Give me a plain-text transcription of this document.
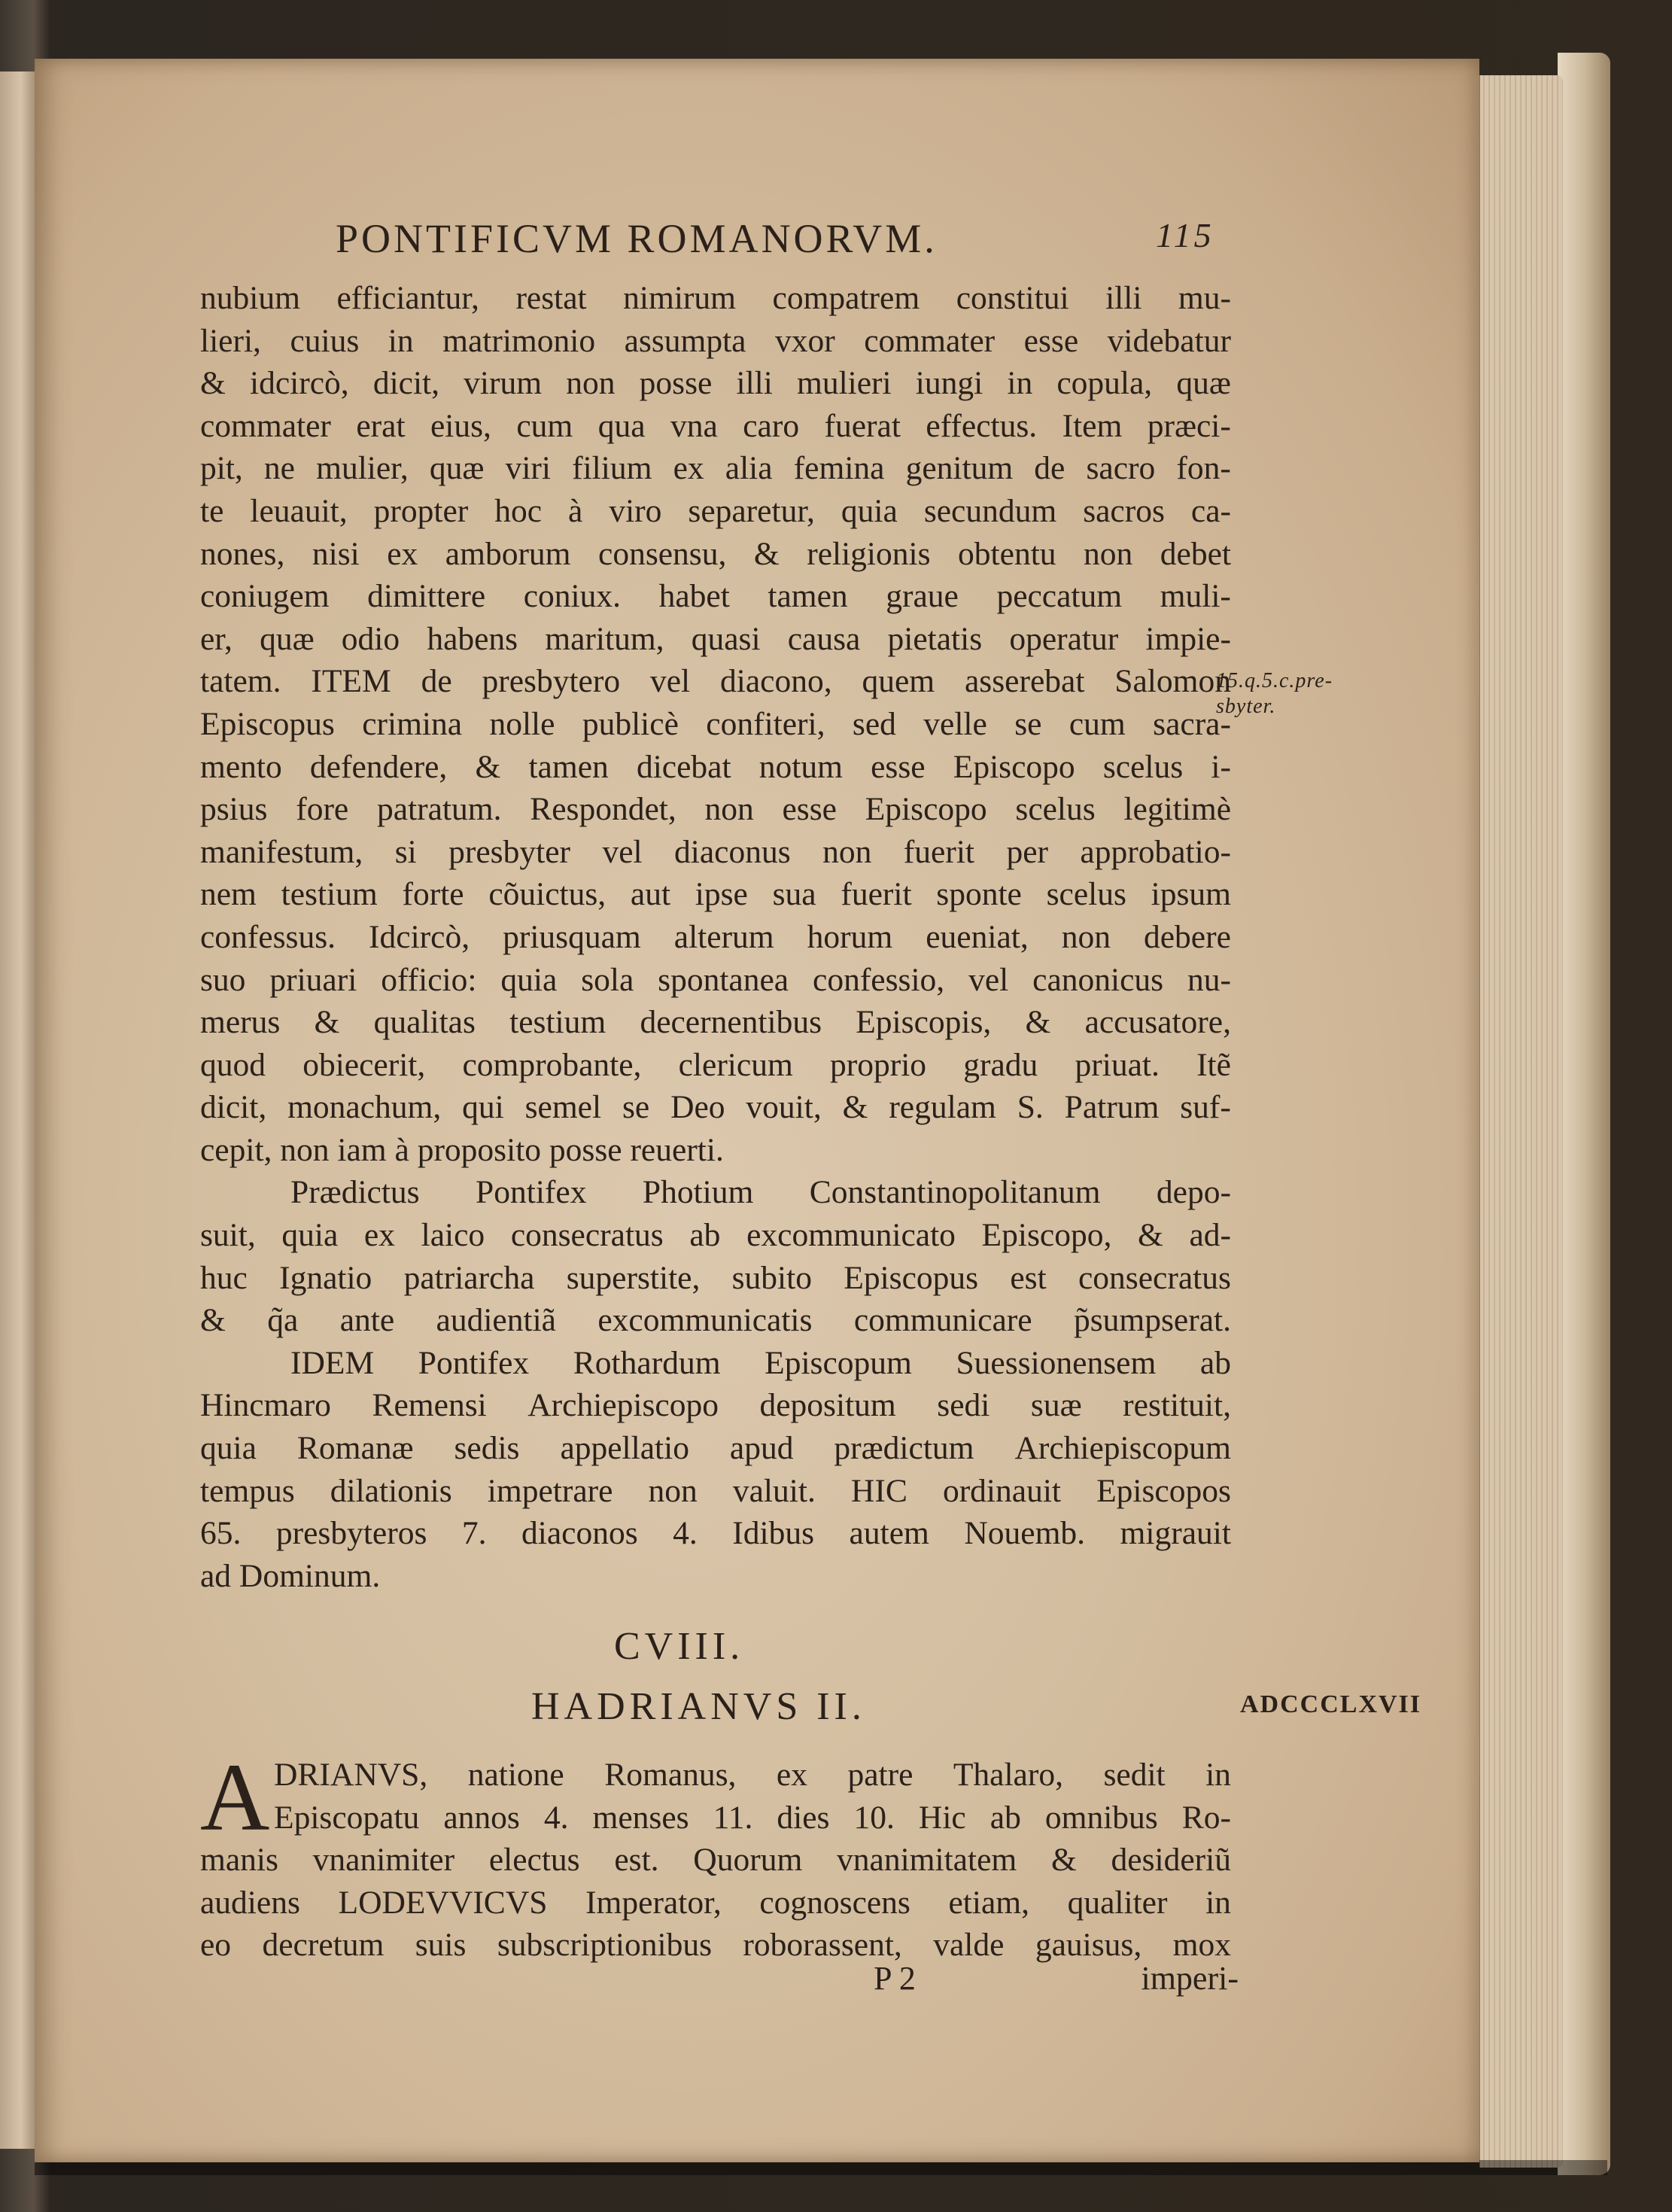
PONTIFICVM ROMANORVM.	115
nubium efficiantur, restat nimirum compatrem constitui illi mu-
lieri, cuius in matrimonio assumpta vxor commater esse videbatur
& idcircò, dicit, virum non posse illi mulieri iungi in copula, quæ
commater erat eius, cum qua vna caro fuerat effectus. Item præci-
pit, ne mulier, quæ viri filium ex alia femina genitum de sacro fon-
te leuauit, propter hoc à viro separetur, quia secundum sacros ca-
nones, nisi ex amborum consensu, & religionis obtentu non debet
coniugem dimittere coniux. habet tamen graue peccatum muli-
er, quæ odio habens maritum, quasi causa pietatis operatur impie-
tatem. ITEM de presbytero vel diacono, quem asserebat Salomon
Episcopus crimina nolle publicè confiteri, sed velle se cum sacra-
mento defendere, & tamen dicebat notum esse Episcopo scelus i-
psius fore patratum. Respondet, non esse Episcopo scelus legitimè
manifestum, si presbyter vel diaconus non fuerit per approbatio-
nem testium forte cõuictus, aut ipse sua fuerit sponte scelus ipsum
confessus. Idcircò, priusquam alterum horum eueniat, non debere
suo priuari officio: quia sola spontanea confessio, vel canonicus nu-
merus & qualitas testium decernentibus Episcopis, & accusatore,
quod obiecerit, comprobante, clericum proprio gradu priuat. Itẽ
dicit, monachum, qui semel se Deo vouit, & regulam S. Patrum suf-
cepit, non iam à proposito posse reuerti.
Prædictus Pontifex Photium Constantinopolitanum depo-
suit, quia ex laico consecratus ab excommunicato Episcopo, & ad-
huc Ignatio patriarcha superstite, subito Episcopus est consecratus
& q̃a ante audientiã excommunicatis communicare p̃sumpserat.
IDEM Pontifex Rothardum Episcopum Suessionensem ab
Hincmaro Remensi Archiepiscopo depositum sedi suæ restituit,
quia Romanæ sedis appellatio apud prædictum Archiepiscopum
tempus dilationis impetrare non valuit. HIC ordinauit Episcopos
65. presbyteros 7. diaconos 4. Idibus autem Nouemb. migrauit
ad Dominum.
15.q.5.c.pre-
sbyter.
CVIII.
HADRIANVS II.	ADCCCLXVII
A DRIANVS, natione Romanus, ex patre Thalaro, sedit in
Episcopatu annos 4. menses 11. dies 10. Hic ab omnibus Ro-
manis vnanimiter electus est. Quorum vnanimitatem & desideriũ
audiens LODEVVICVS Imperator, cognoscens etiam, qualiter in
eo decretum suis subscriptionibus roborassent, valde gauisus, mox
P 2	imperi-
